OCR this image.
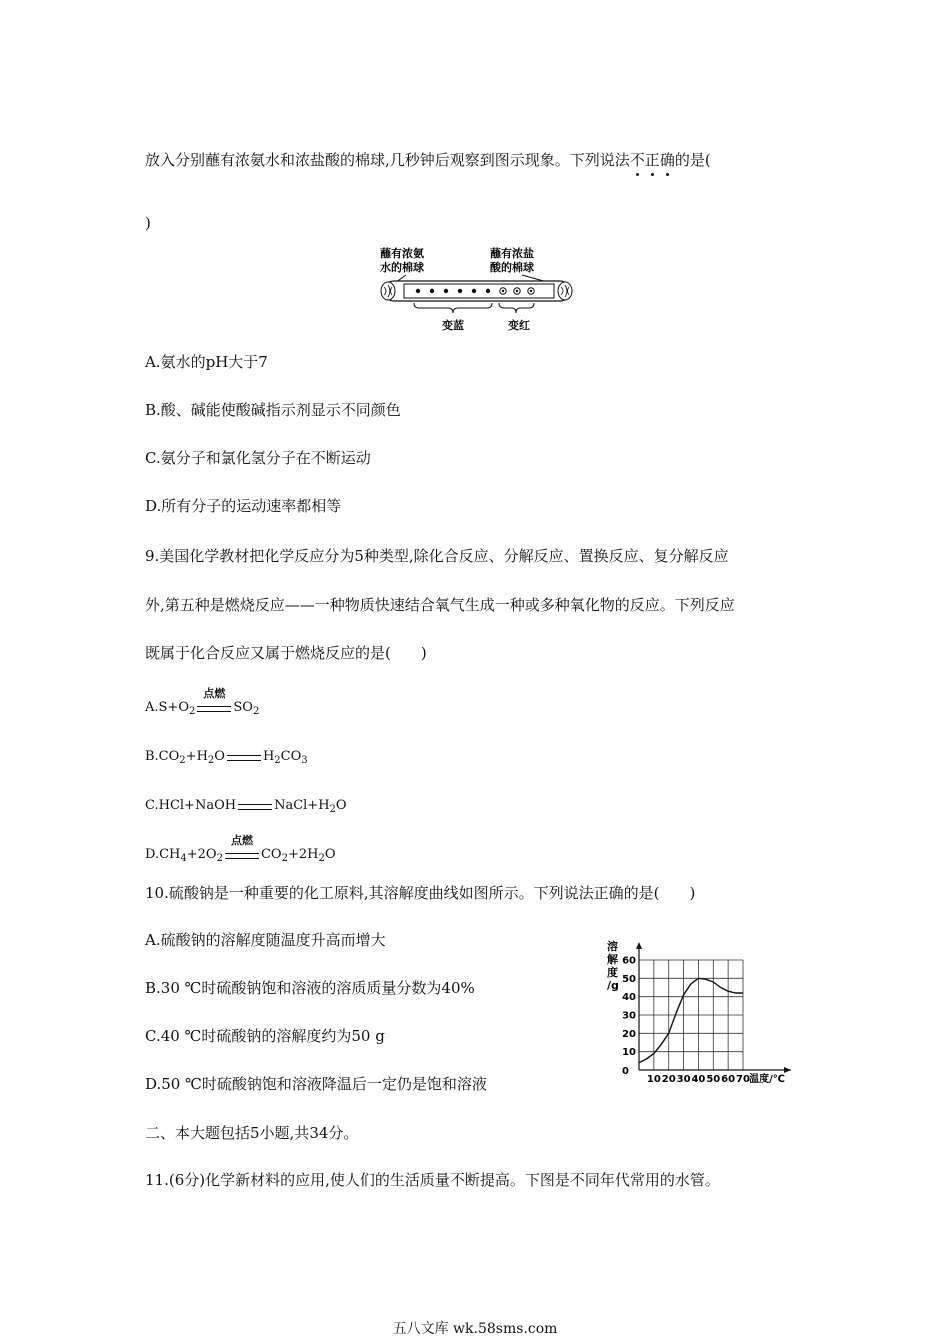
放入分别蘸有浓氨水和浓盐酸的棉球,几秒钟后观察到图示现象。下列说法不正确的是(
)
蘸有浓氨
水的棉球
蘸有浓盐
酸的棉球
变蓝	变红
A.氨水的pH大于7
B.酸、碱能使酸碱指示剂显示不同颜色
C.氨分子和氯化氢分子在不断运动
D.所有分子的运动速率都相等
9.美国化学教材把化学反应分为5种类型,除化合反应、分解反应、置换反应、复分解反应
外,第五种是燃烧反应——一种物质快速结合氧气生成一种或多种氧化物的反应。下列反应
既属于化合反应又属于燃烧反应的是(　　)
$A.S+O_2$
点燃
$SO_2$
$B.CO_2+H_2O$	$H_2CO_3$
C.HCl+NaOH	$NaCl+H_2O$
$D.CH_4+2O_2$
点燃
$CO_2+2H_2O$
10.硫酸钠是一种重要的化工原料,其溶解度曲线如图所示。下列说法正确的是(　　)
A.硫酸钠的溶解度随温度升高而增大
B.30 ℃时硫酸钠饱和溶液的溶质质量分数为40%
C.40 ℃时硫酸钠的溶解度约为50 g
D.50 ℃时硫酸钠饱和溶液降温后一定仍是饱和溶液	10 20 30 40 50 60 70
10
20
30
40
50
60
0
溶
解
度
/g
温度/℃
二、本大题包括5小题,共34分。
11.(6分)化学新材料的应用,使人们的生活质量不断提高。下图是不同年代常用的水管。
五八文库 wk.58sms.com
